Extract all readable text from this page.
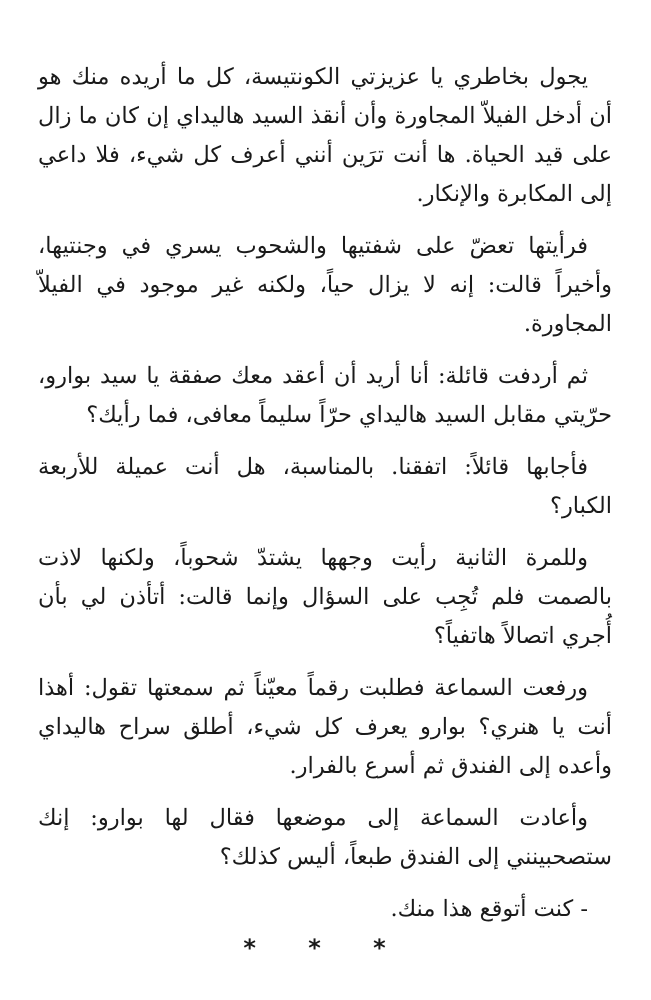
يجول بخاطري يا عزيزتي الكونتيسة، كل ما أريده منك هو أن أدخل الفيلاّ المجاورة وأن أنقذ السيد هاليداي إن كان ما زال على قيد الحياة. ها أنت ترَين أنني أعرف كل شيء، فلا داعي إلى المكابرة والإنكار.

فرأيتها تعضّ على شفتيها والشحوب يسري في وجنتيها، وأخيراً قالت: إنه لا يزال حياً، ولكنه غير موجود في الفيلاّ المجاورة.

ثم أردفت قائلة: أنا أريد أن أعقد معك صفقة يا سيد بوارو، حرّيتي مقابل السيد هاليداي حرّاً سليماً معافى، فما رأيك؟

فأجابها قائلاً: اتفقنا. بالمناسبة، هل أنت عميلة للأربعة الكبار؟

وللمرة الثانية رأيت وجهها يشتدّ شحوباً، ولكنها لاذت بالصمت فلم تُجِب على السؤال وإنما قالت: أتأذن لي بأن أُجري اتصالاً هاتفياً؟

ورفعت السماعة فطلبت رقماً معيّناً ثم سمعتها تقول: أهذا أنت يا هنري؟ بوارو يعرف كل شيء، أطلق سراح هاليداي وأعده إلى الفندق ثم أسرع بالفرار.

وأعادت السماعة إلى موضعها فقال لها بوارو: إنك ستصحبينني إلى الفندق طبعاً، أليس كذلك؟

- كنت أتوقع هذا منك.

* * *
